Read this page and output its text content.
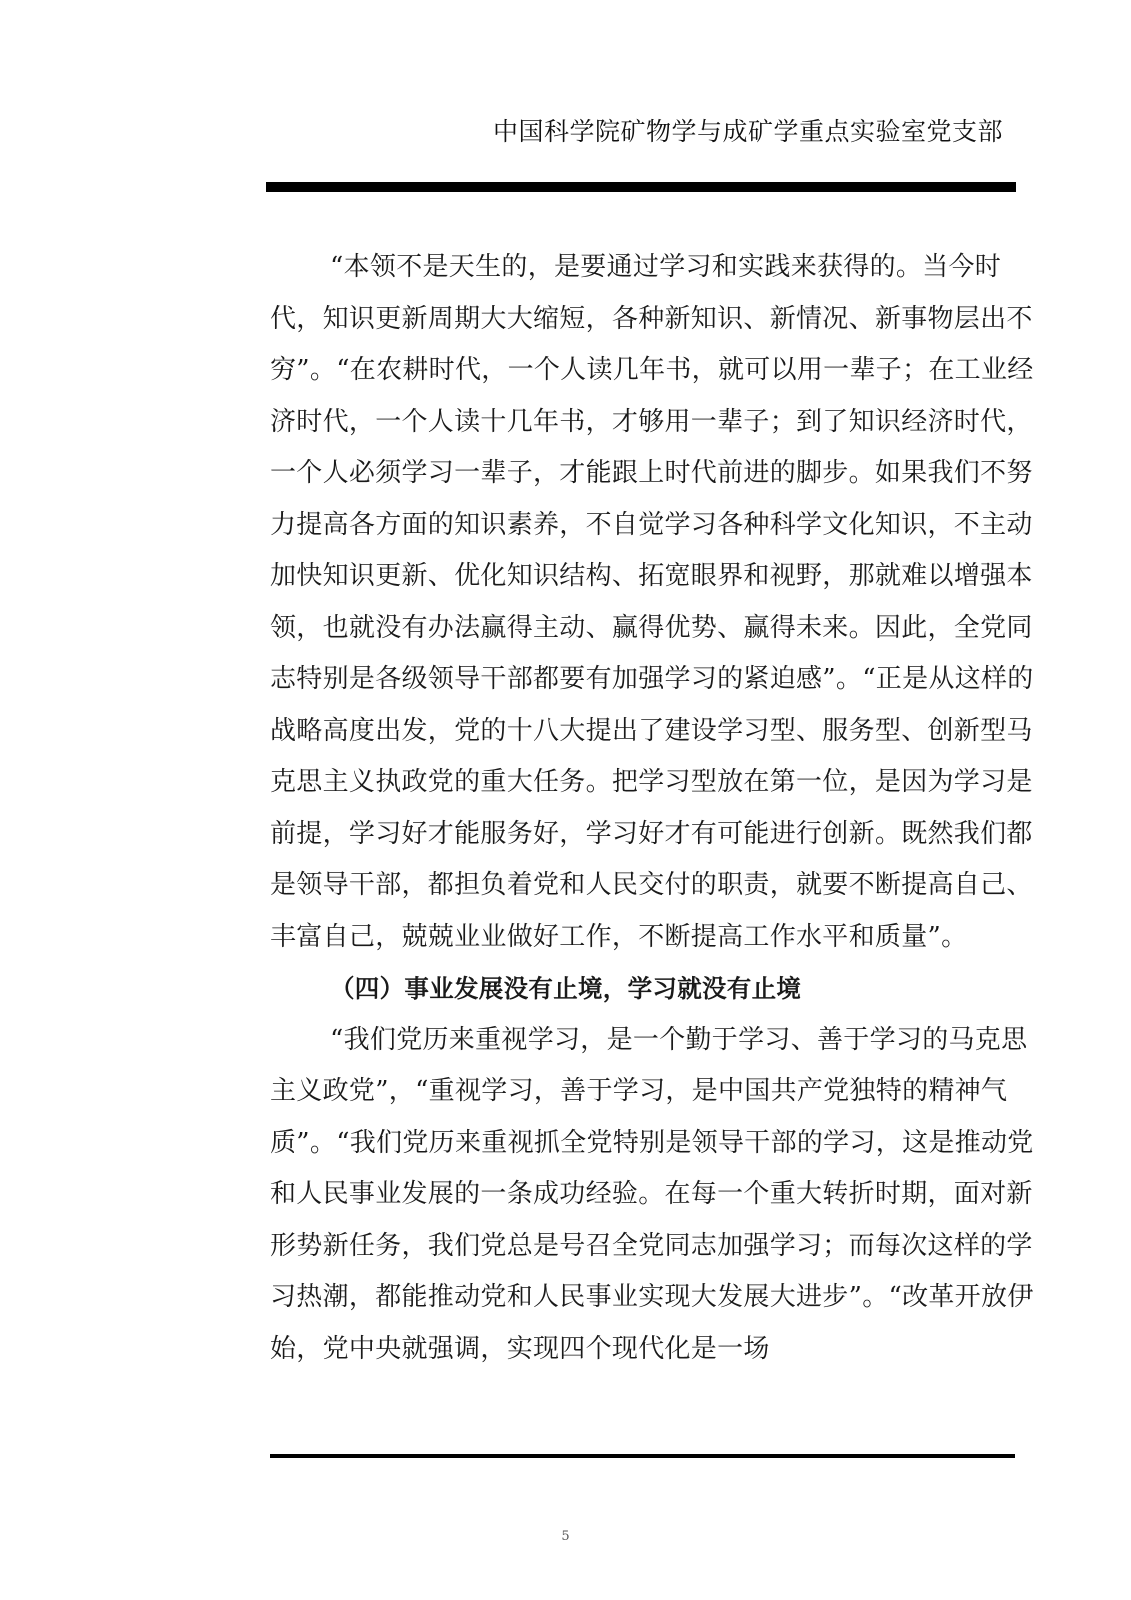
中国科学院矿物学与成矿学重点实验室党支部

“本领不是天生的，是要通过学习和实践来获得的。当今时代，知识更新周期大大缩短，各种新知识、新情况、新事物层出不穷”。“在农耕时代，一个人读几年书，就可以用一辈子；在工业经济时代，一个人读十几年书，才够用一辈子；到了知识经济时代，一个人必须学习一辈子，才能跟上时代前进的脚步。如果我们不努力提高各方面的知识素养，不自觉学习各种科学文化知识，不主动加快知识更新、优化知识结构、拓宽眼界和视野，那就难以增强本领，也就没有办法赢得主动、赢得优势、赢得未来。因此，全党同志特别是各级领导干部都要有加强学习的紧迫感”。“正是从这样的战略高度出发，党的十八大提出了建设学习型、服务型、创新型马克思主义执政党的重大任务。把学习型放在第一位，是因为学习是前提，学习好才能服务好，学习好才有可能进行创新。既然我们都是领导干部，都担负着党和人民交付的职责，就要不断提高自己、丰富自己，兢兢业业做好工作，不断提高工作水平和质量”。

（四）事业发展没有止境，学习就没有止境

“我们党历来重视学习，是一个勤于学习、善于学习的马克思主义政党”，“重视学习，善于学习，是中国共产党独特的精神气质”。“我们党历来重视抓全党特别是领导干部的学习，这是推动党和人民事业发展的一条成功经验。在每一个重大转折时期，面对新形势新任务，我们党总是号召全党同志加强学习；而每次这样的学习热潮，都能推动党和人民事业实现大发展大进步”。“改革开放伊始，党中央就强调，实现四个现代化是一场

5
